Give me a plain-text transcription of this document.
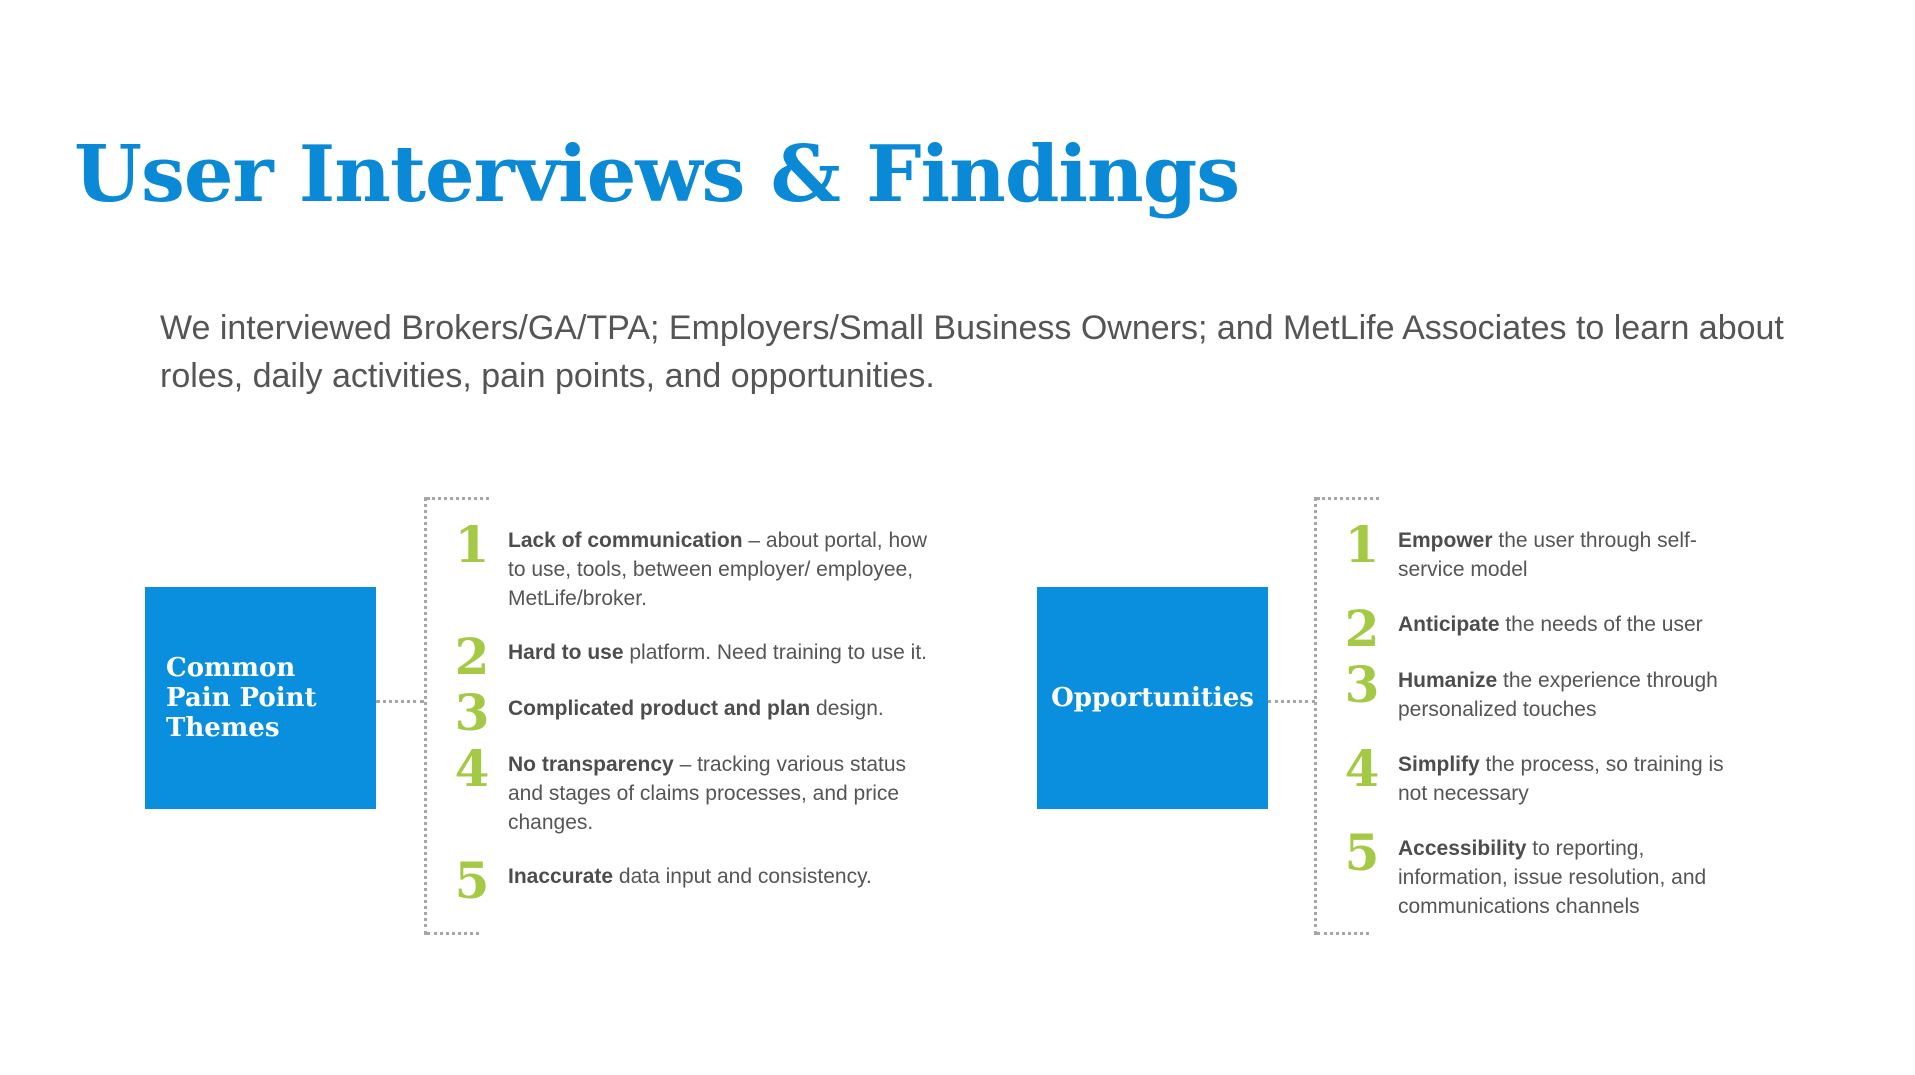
User Interviews & Findings

We interviewed Brokers/GA/TPA; Employers/Small Business Owners; and MetLife Associates to learn about roles, daily activities, pain points, and opportunities.

Common Pain Point Themes
1 Lack of communication – about portal, how to use, tools, between employer/ employee, MetLife/broker.
2 Hard to use platform. Need training to use it.
3 Complicated product and plan design.
4 No transparency – tracking various status and stages of claims processes, and price changes.
5 Inaccurate data input and consistency.
Opportunities
1 Empower the user through self-service model
2 Anticipate the needs of the user
3 Humanize the experience through personalized touches
4 Simplify the process, so training is not necessary
5 Accessibility to reporting, information, issue resolution, and communications channels
